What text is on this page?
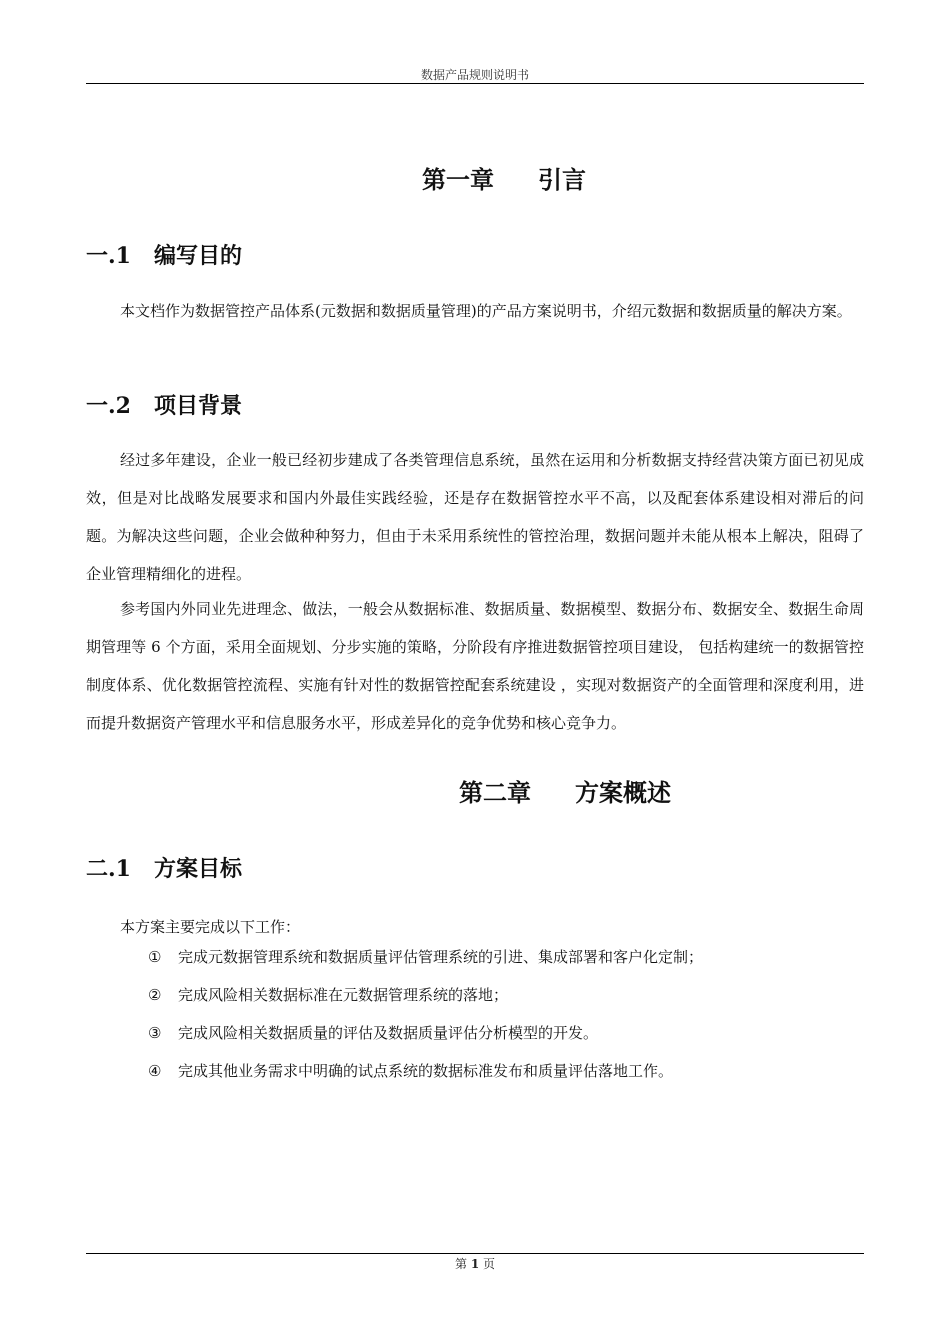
数据产品规则说明书
第一章 引言
一.1 编写目的

本文档作为数据管控产品体系(元数据和数据质量管理)的产品方案说明书，介绍元数据和数据质量的解决方案。

一.2 项目背景

经过多年建设，企业一般已经初步建成了各类管理信息系统，虽然在运用和分析数据支持经营决策方面已初见成效，但是对比战略发展要求和国内外最佳实践经验，还是存在数据管控水平不高，以及配套体系建设相对滞后的问题。为解决这些问题，企业会做种种努力，但由于未采用系统性的管控治理，数据问题并未能从根本上解决，阻碍了企业管理精细化的进程。

参考国内外同业先进理念、做法，一般会从数据标准、数据质量、数据模型、数据分布、数据安全、数据生命周期管理等 6 个方面，采用全面规划、分步实施的策略，分阶段有序推进数据管控项目建设， 包括构建统一的数据管控制度体系、优化数据管控流程、实施有针对性的数据管控配套系统建设 ，实现对数据资产的全面管理和深度利用，进而提升数据资产管理水平和信息服务水平，形成差异化的竞争优势和核心竞争力。

第二章 方案概述
二.1 方案目标
本方案主要完成以下工作：
① 完成元数据管理系统和数据质量评估管理系统的引进、集成部署和客户化定制；
② 完成风险相关数据标准在元数据管理系统的落地；
③ 完成风险相关数据质量的评估及数据质量评估分析模型的开发。
④ 完成其他业务需求中明确的试点系统的数据标准发布和质量评估落地工作。
第 1 页
